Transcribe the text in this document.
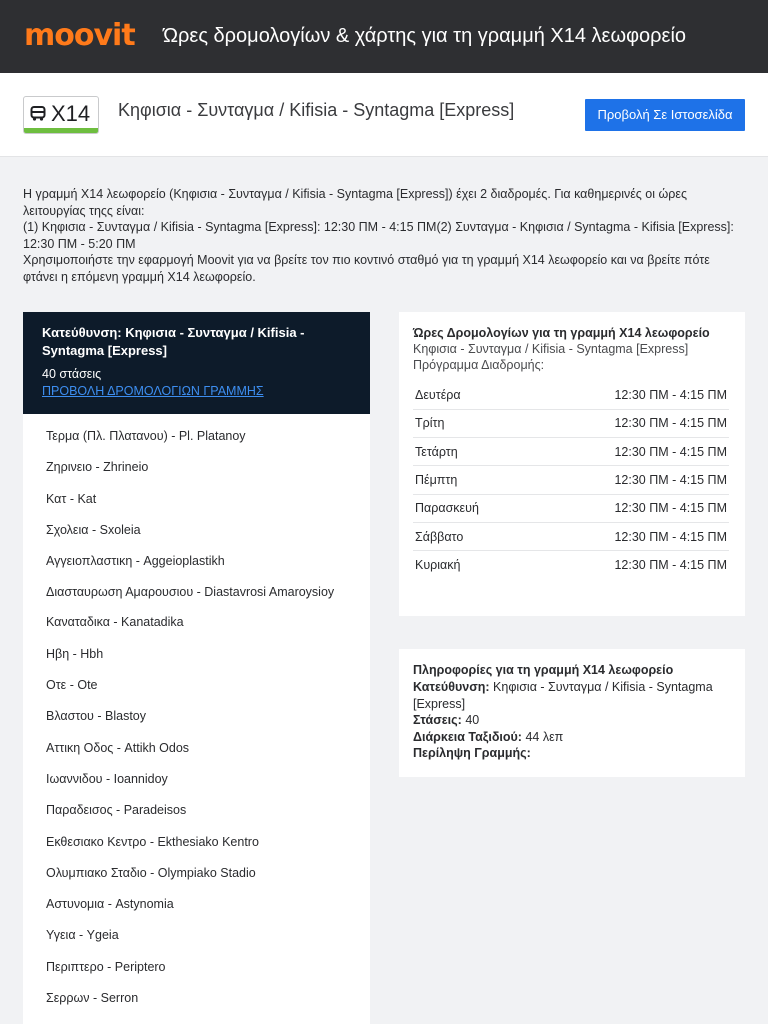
moovit Ώρες δρομολογίων & χάρτης για τη γραμμή X14 λεωφορείο
X14 Κηφισια - Συνταγμα / Kifisia - Syntagma [Express]	Προβολή Σε Ιστοσελίδα
Η γραμμή X14 λεωφορείο (Κηφισια - Συνταγμα / Kifisia - Syntagma [Express]) έχει 2 διαδρομές. Για καθημερινές οι ώρες λειτουργίας τηςς είναι:
(1) Κηφισια - Συνταγμα / Kifisia - Syntagma [Express]: 12:30 ΠΜ - 4:15 ΠΜ(2) Συνταγμα - Κηφισια / Syntagma - Kifisia [Express]: 12:30 ΠΜ - 5:20 ΠΜ
Χρησιμοποιήστε την εφαρμογή Moovit για να βρείτε τον πιο κοντινό σταθμό για τη γραμμή X14 λεωφορείο και να βρείτε πότε φτάνει η επόμενη γραμμή X14 λεωφορείο.
Κατεύθυνση: Κηφισια - Συνταγμα / Kifisia - Syntagma [Express]
40 στάσεις
ΠΡΟΒΟΛΗ ΔΡΟΜΟΛΟΓΙΩΝ ΓΡΑΜΜΗΣ
Τερμα (Πλ. Πλατανου) - Pl. Platanoy
Ζηρινειο - Zhrineio
Κατ - Kat
Σχολεια - Sxoleia
Αγγειοπλαστικη - Aggeioplastikh
Διασταυρωση Αμαρουσιου - Diastavrosi Amaroysioy
Καναταδικα - Kanatadika
Ηβη - Hbh
Οτε - Ote
Βλαστου - Blastoy
Αττικη Οδος - Attikh Odos
Ιωαννιδου - Ioannidoy
Παραδεισος - Paradeisos
Εκθεσιακο Κεντρο - Ekthesiako Kentro
Ολυμπιακο Σταδιο - Olympiako Stadio
Αστυνομια - Astynomia
Υγεια - Ygeia
Περιπτερο - Periptero
Σερρων - Serron
Ώρες Δρομολογίων για τη γραμμή X14 λεωφορείο
Κηφισια - Συνταγμα / Kifisia - Syntagma [Express]
Πρόγραμμα Διαδρομής:
Δευτέρα	12:30 ΠΜ - 4:15 ΠΜ
Τρίτη	12:30 ΠΜ - 4:15 ΠΜ
Τετάρτη	12:30 ΠΜ - 4:15 ΠΜ
Πέμπτη	12:30 ΠΜ - 4:15 ΠΜ
Παρασκευή	12:30 ΠΜ - 4:15 ΠΜ
Σάββατο	12:30 ΠΜ - 4:15 ΠΜ
Κυριακή	12:30 ΠΜ - 4:15 ΠΜ
Πληροφορίες για τη γραμμή X14 λεωφορείο

Κατεύθυνση: Κηφισια - Συνταγμα / Kifisia - Syntagma [Express]

Στάσεις: 40

Διάρκεια Ταξιδιού: 44 λεπ

Περίληψη Γραμμής:
